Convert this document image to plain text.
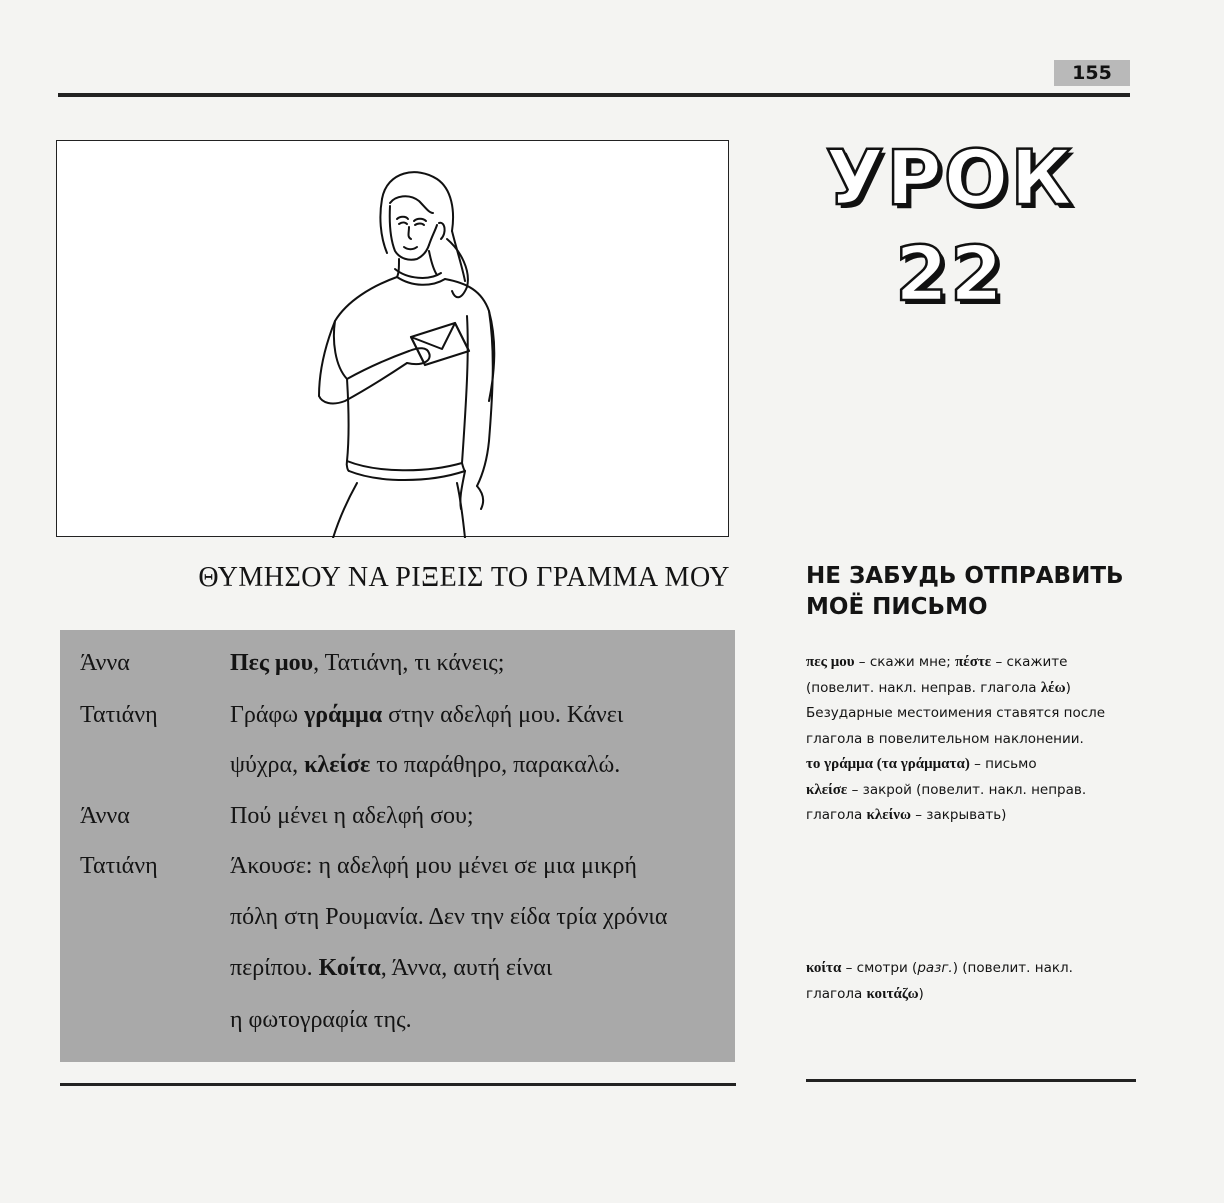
155
УРОК
22
ΘΥΜΗΣΟΥ ΝΑ ΡΙΞΕΙΣ ΤΟ ΓΡΑΜΜΑ ΜΟΥ	НЕ ЗАБУДЬ ОТПРАВИТЬ
МОЁ ПИСЬМО
Άννα	Πες μου, Τατιάνη, τι κάνεις;
Τατιάνη	Γράφω γράμμα στην αδελφή μου. Κάνει
ψύχρα, κλείσε το παράθηρο, παρακαλώ.
Άννα	Πού μένει η αδελφή σου;
Τατιάνη	Άκουσε: η αδελφή μου μένει σε μια μικρή
πόλη στη Ρουμανία. Δεν την είδα τρία χρόνια
περίπου. Κοίτα, Άννα, αυτή είναι
η φωτογραφία της.
πες μου – скажи мне; πέστε – скажите
(повелит. накл. неправ. глагола λέω)
Безударные местоимения ставятся после
глагола в повелительном наклонении.
το γράμμα (τα γράμματα) – письмо
κλείσε – закрой (повелит. накл. неправ.
глагола κλείνω – закрывать)
κοίτα – смотри (разг.) (повелит. накл.
глагола κοιτάζω)
